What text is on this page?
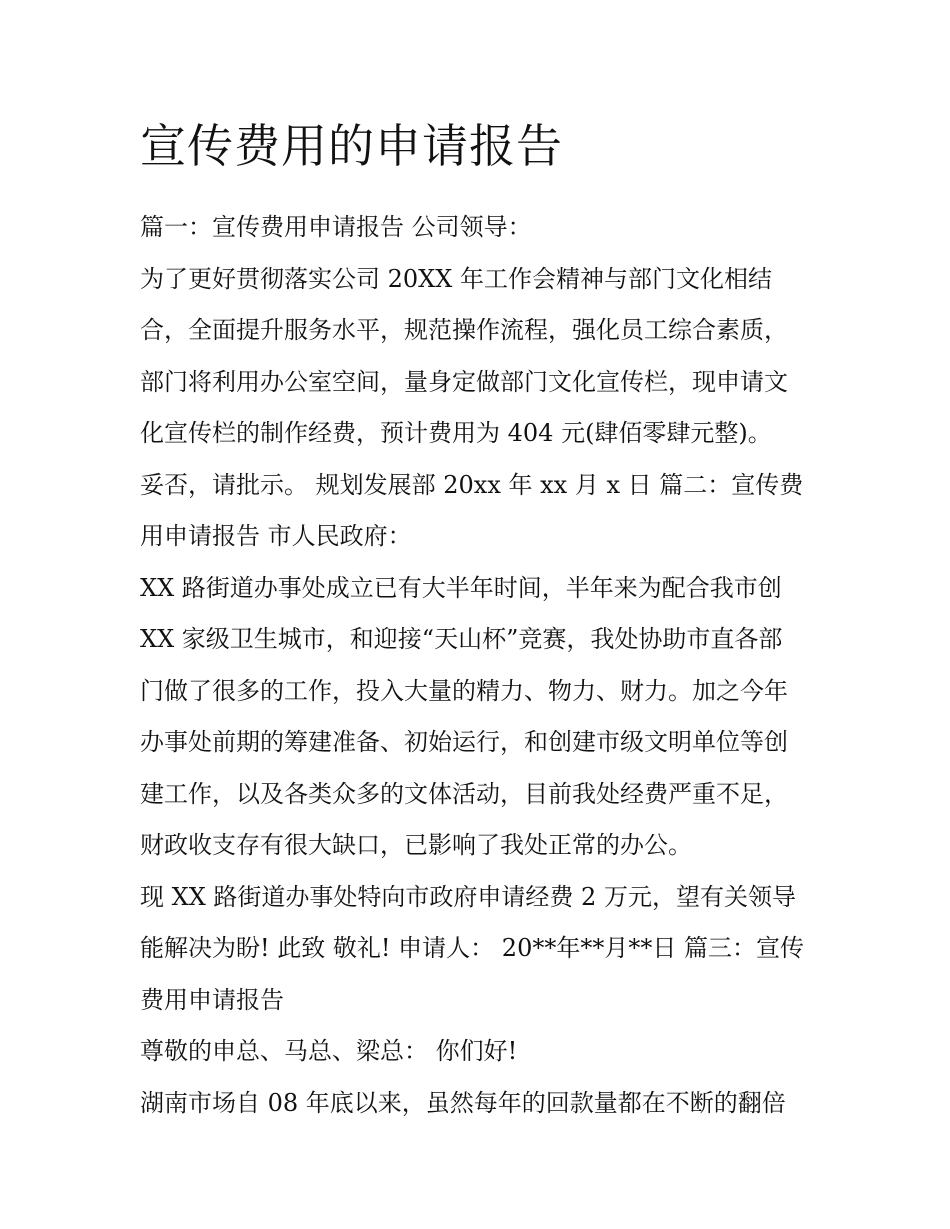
宣传费用的申请报告

篇一：宣传费用申请报告 公司领导：

为了更好贯彻落实公司 20XX 年工作会精神与部门文化相结

合，全面提升服务水平，规范操作流程，强化员工综合素质，

部门将利用办公室空间，量身定做部门文化宣传栏，现申请文

化宣传栏的制作经费，预计费用为 404 元(肆佰零肆元整)。

妥否，请批示。 规划发展部 20xx 年 xx 月 x 日 篇二：宣传费

用申请报告 市人民政府：

XX 路街道办事处成立已有大半年时间，半年来为配合我市创

XX 家级卫生城市，和迎接“天山杯”竞赛，我处协助市直各部

门做了很多的工作，投入大量的精力、物力、财力。加之今年

办事处前期的筹建准备、初始运行，和创建市级文明单位等创

建工作，以及各类众多的文体活动，目前我处经费严重不足，

财政收支存有很大缺口，已影响了我处正常的办公。

现 XX 路街道办事处特向市政府申请经费 2 万元，望有关领导

能解决为盼! 此致 敬礼! 申请人： 20**年**月**日 篇三：宣传

费用申请报告

尊敬的申总、马总、梁总： 你们好!

湖南市场自 08 年底以来，虽然每年的回款量都在不断的翻倍
